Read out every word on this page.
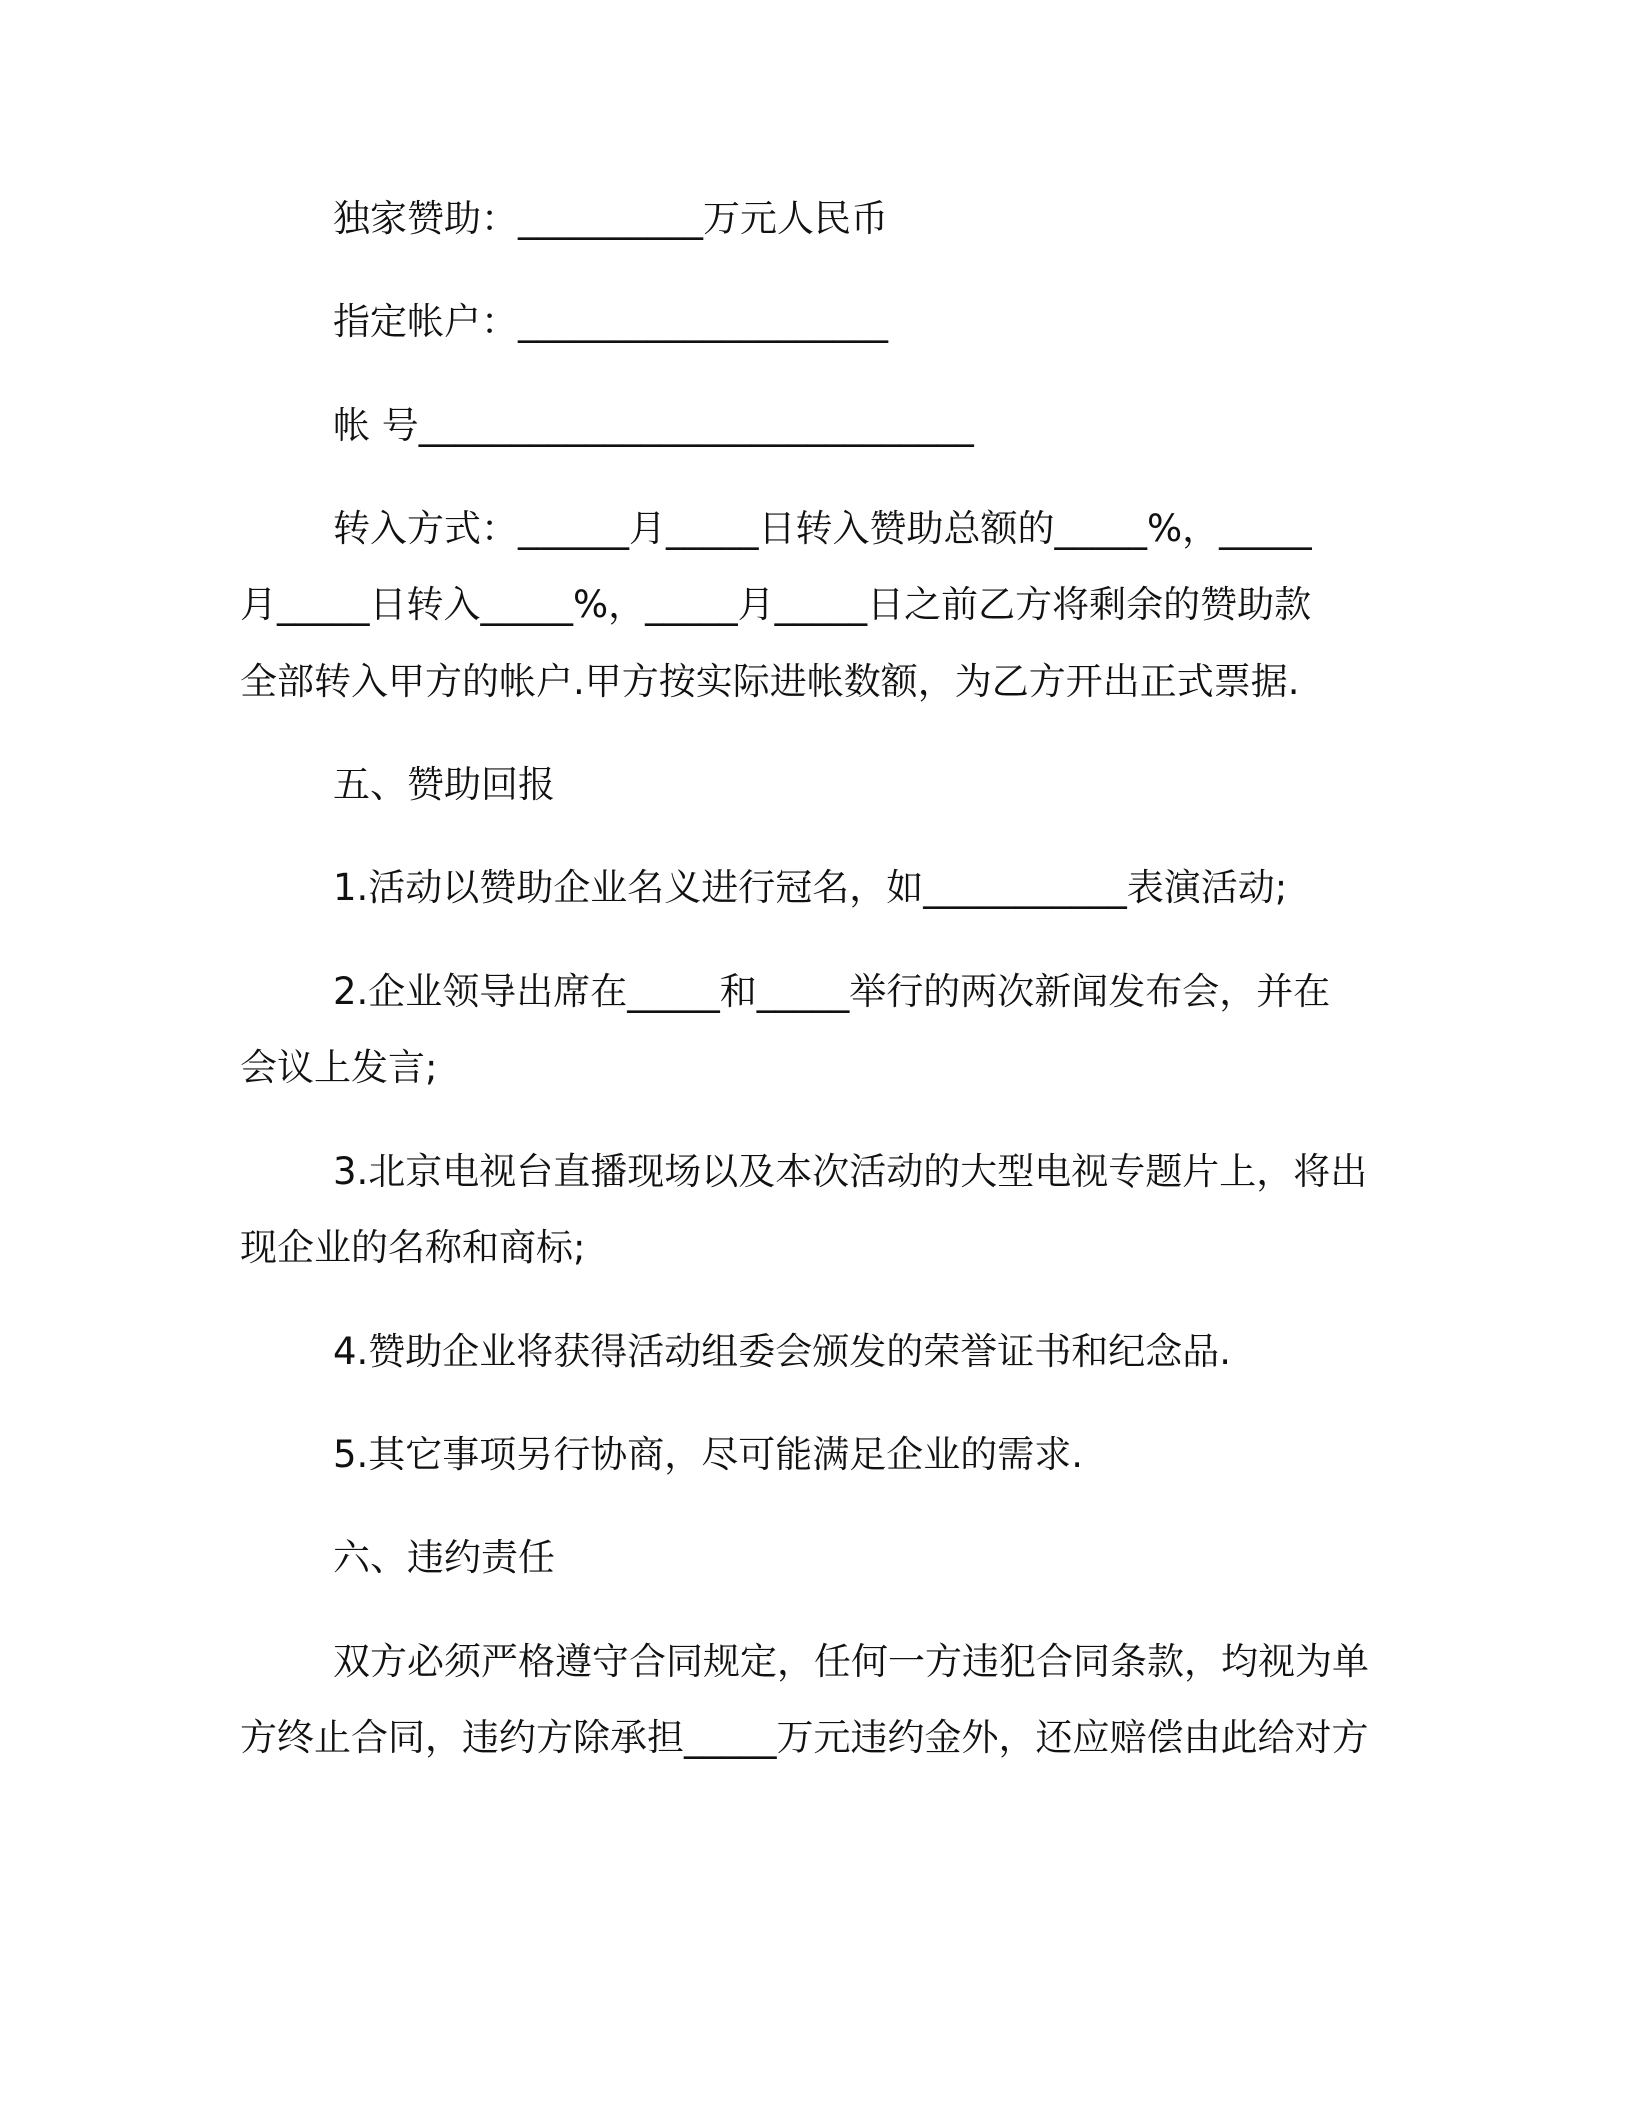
独家赞助：__________万元人民币
指定帐户：____________________
帐 号______________________________
转入方式：______月_____日转入赞助总额的_____%，_____
月_____日转入_____%，_____月_____日之前乙方将剩余的赞助款
全部转入甲方的帐户.甲方按实际进帐数额，为乙方开出正式票据.
五、赞助回报
1.活动以赞助企业名义进行冠名，如___________表演活动;
2.企业领导出席在_____和_____举行的两次新闻发布会，并在
会议上发言;
3.北京电视台直播现场以及本次活动的大型电视专题片上，将出
现企业的名称和商标;
4.赞助企业将获得活动组委会颁发的荣誉证书和纪念品.
5.其它事项另行协商，尽可能满足企业的需求.
六、违约责任
双方必须严格遵守合同规定，任何一方违犯合同条款，均视为单
方终止合同，违约方除承担_____万元违约金外，还应赔偿由此给对方
